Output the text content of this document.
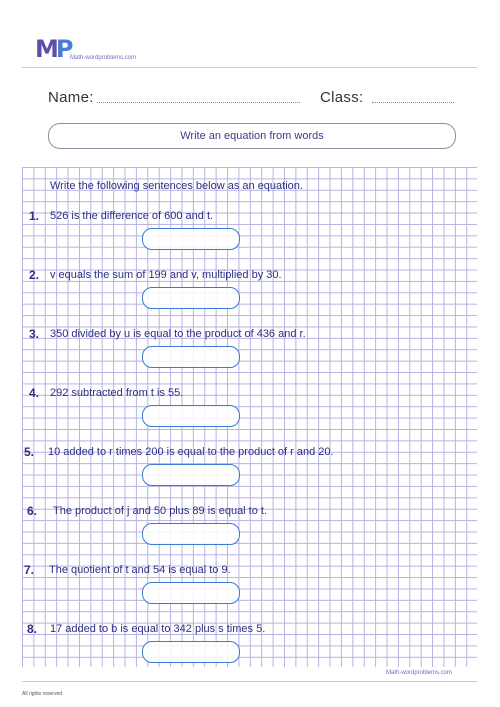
MP Math-wordproblems.com
Name:	Class:
Write an equation from words
Write the following sentences below as an equation.
1. 526 is the difference of 600 and t.
2. v equals the sum of 199 and v, multiplied by 30.
3. 350 divided by u is equal to the product of 436 and r.
4. 292 subtracted from t is 55.
5. 10 added to r times 200 is equal to the product of r and 20.
6. The product of j and 50 plus 89 is equal to t.
7. The quotient of t and 54 is equal to 9.
8. 17 added to b is equal to 342 plus s times 5.
Math-wordproblems.com
All rights reserved
